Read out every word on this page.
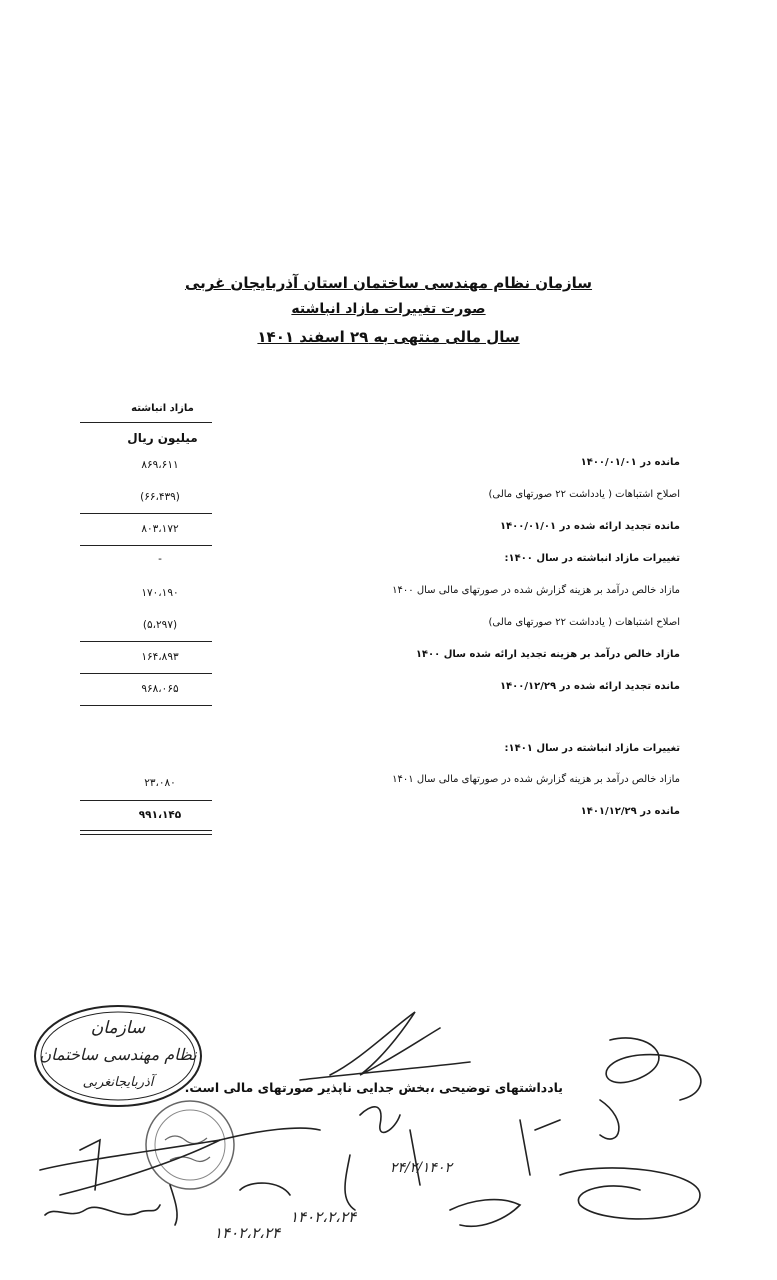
سازمان نظام مهندسی ساختمان استان آذربایجان غربی
صورت تغییرات مازاد انباشته
سال مالی منتهی به ۲۹ اسفند ۱۴۰۱
مازاد انباشته
میلیون ریال
مانده در ۱۴۰۰/۰۱/۰۱
۸۶۹،۶۱۱
اصلاح اشتباهات ( یادداشت ۲۲ صورتهای مالی)
(۶۶،۴۳۹)
مانده تجدید ارائه شده در ۱۴۰۰/۰۱/۰۱
۸۰۳،۱۷۲
تغییرات مازاد انباشته در سال ۱۴۰۰:
-
مازاد خالص درآمد بر هزینه گزارش شده در صورتهای مالی سال ۱۴۰۰
۱۷۰،۱۹۰
اصلاح اشتباهات ( یادداشت ۲۲ صورتهای مالی)
(۵،۲۹۷)
مازاد خالص درآمد بر هزینه تجدید ارائه شده سال ۱۴۰۰
۱۶۴،۸۹۳
مانده تجدید ارائه شده در ۱۴۰۰/۱۲/۲۹
۹۶۸،۰۶۵
تغییرات مازاد انباشته در سال ۱۴۰۱:
مازاد خالص درآمد بر هزینه گزارش شده در صورتهای مالی سال ۱۴۰۱
۲۳،۰۸۰
مانده در ۱۴۰۱/۱۲/۲۹
۹۹۱،۱۴۵
یادداشتهای توضیحی ،بخش جدایی ناپذیر صورتهای مالی است.
سازمان
نظام مهندسی ساختمان
آذربایجانغربی
۱۴۰۲،۲،۲۴
۱۴۰۲،۲،۲۴
۲۴/۲/۱۴۰۲
